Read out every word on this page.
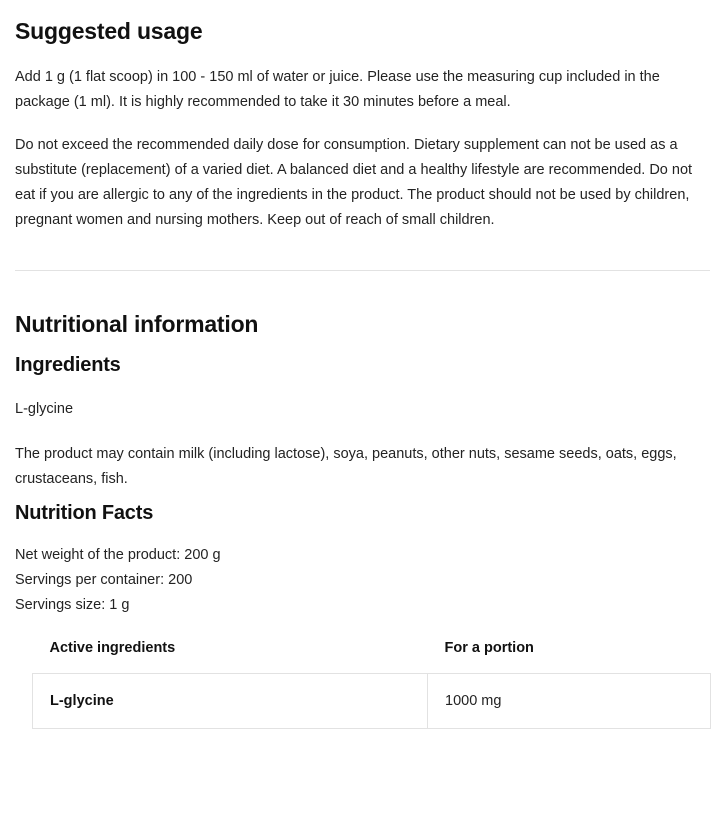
Suggested usage

Add 1 g (1 flat scoop) in 100 - 150 ml of water or juice. Please use the measuring cup included in the package (1 ml). It is highly recommended to take it 30 minutes before a meal.

Do not exceed the recommended daily dose for consumption. Dietary supplement can not be used as a substitute (replacement) of a varied diet. A balanced diet and a healthy lifestyle are recommended. Do not eat if you are allergic to any of the ingredients in the product. The product should not be used by children, pregnant women and nursing mothers. Keep out of reach of small children.

Nutritional information
Ingredients

L-glycine

The product may contain milk (including lactose), soya, peanuts, other nuts, sesame seeds, oats, eggs, crustaceans, fish.

Nutrition Facts
Net weight of the product: 200 g
Servings per container: 200
Servings size: 1 g
Active ingredients	For a portion
L-glycine	1000 mg
